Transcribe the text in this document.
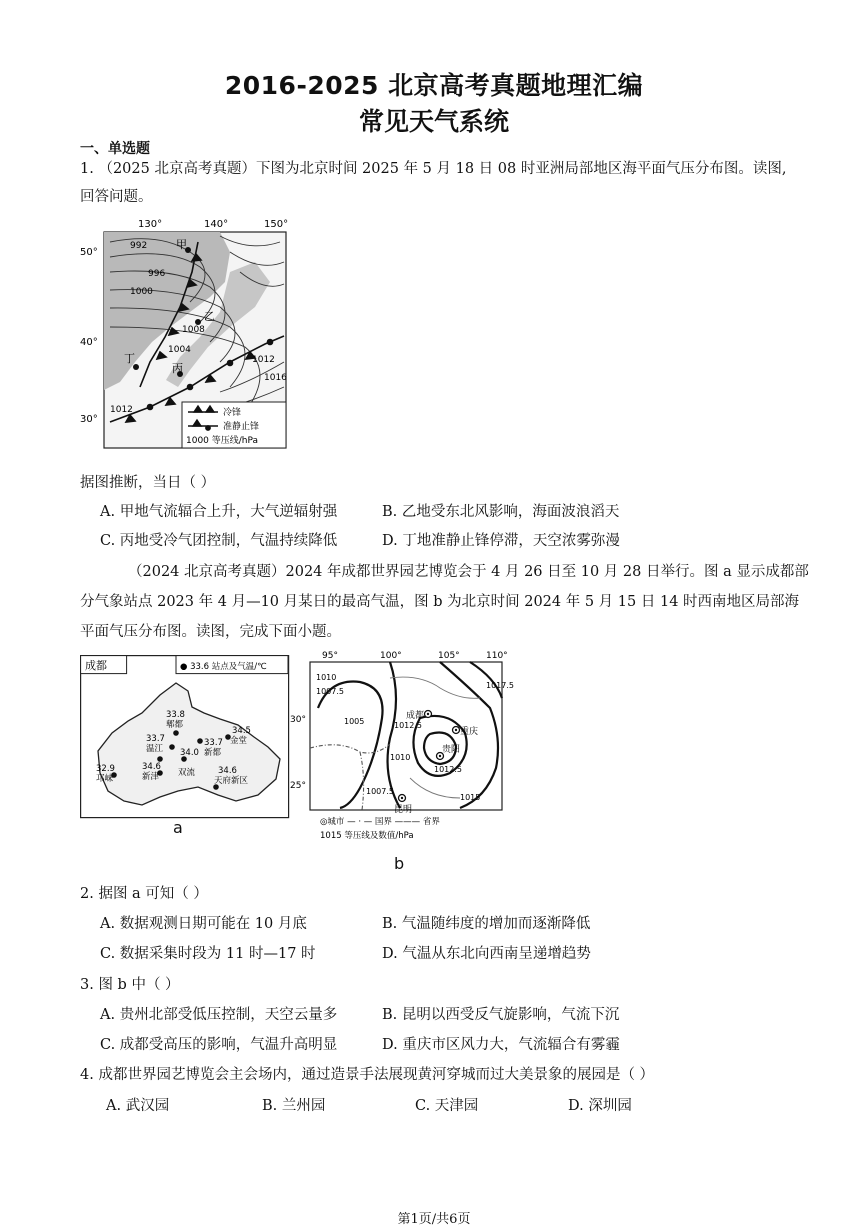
2016-2025 北京高考真题地理汇编
常见天气系统
一、单选题
1. （2025 北京高考真题）下图为北京时间 2025 年 5 月 18 日 08 时亚洲局部地区海平面气压分布图。读图,
回答问题。
130°	140°	150°
50°
40°
30°
992
996
1000
1008
1004
1012
1016
1012
甲
乙
丙
丁
冷锋
准静止锋
1000 等压线/hPa
据图推断，当日（ ）
A. 甲地气流辐合上升，大气逆辐射强	B. 乙地受东北风影响，海面波浪滔天
C. 丙地受冷气团控制，气温持续降低	D. 丁地准静止锋停滞，天空浓雾弥漫
（2024 北京高考真题）2024 年成都世界园艺博览会于 4 月 26 日至 10 月 28 日举行。图 a 显示成都部
分气象站点 2023 年 4 月—10 月某日的最高气温，图 b 为北京时间 2024 年 5 月 15 日 14 时西南地区局部海
平面气压分布图。读图，完成下面小题。
成都	● 33.6 站点及气温/℃
33.8
郫都
33.7
温江
33.7
新都
34.5
金堂
34.0
双流
34.6
新津
32.9
邛崃
34.6
天府新区
a
95°	100°	105°	110°
30°
25°
1010
1007.5
1005	1012.5
1010
1007.5
1012.5
1015
1017.5
成都
重庆
贵阳
昆明
◎城市 — · — 国界 ——— 省界
1015 等压线及数值/hPa
b
2. 据图 a 可知（ ）
A. 数据观测日期可能在 10 月底	B. 气温随纬度的增加而逐渐降低
C. 数据采集时段为 11 时—17 时	D. 气温从东北向西南呈递增趋势
3. 图 b 中（ ）
A. 贵州北部受低压控制，天空云量多	B. 昆明以西受反气旋影响，气流下沉
C. 成都受高压的影响，气温升高明显	D. 重庆市区风力大，气流辐合有雾霾
4. 成都世界园艺博览会主会场内，通过造景手法展现黄河穿城而过大美景象的展园是（ ）
A. 武汉园	B. 兰州园	C. 天津园	D. 深圳园
第1页/共6页
